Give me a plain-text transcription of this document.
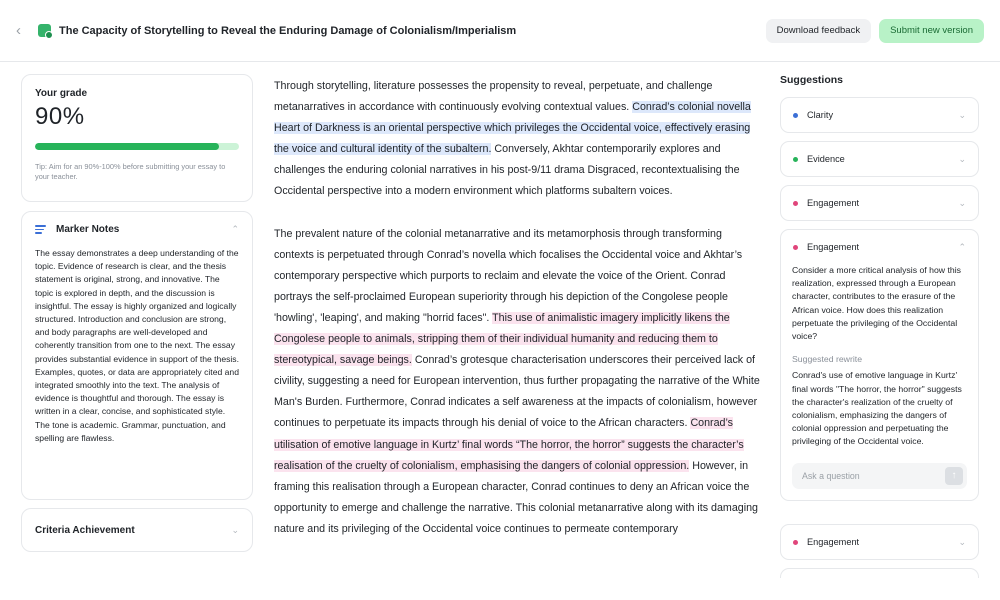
‹	The Capacity of Storytelling to Reveal the Enduring Damage of Colonialism/Imperialism	Download feedback	Submit new version
Your grade
90%
Tip: Aim for an 90%-100% before submitting your essay to your teacher.
Marker Notes	⌃
The essay demonstrates a deep understanding of the topic. Evidence of research is clear, and the thesis statement is original, strong, and innovative. The topic is explored in depth, and the discussion is insightful. The essay is highly organized and logically structured. Introduction and conclusion are strong, and body paragraphs are well-developed and coherently transition from one to the next. The essay provides substantial evidence in support of the thesis. Examples, quotes, or data are appropriately cited and integrated smoothly into the text. The analysis of evidence is thoughtful and thorough. The essay is written in a clear, concise, and sophisticated style. The tone is academic. Grammar, punctuation, and spelling are flawless.
Criteria Achievement	⌄

Through storytelling, literature possesses the propensity to reveal, perpetuate, and challenge metanarratives in accordance with continuously evolving contextual values. Conrad’s colonial novella Heart of Darkness is an oriental perspective which privileges the Occidental voice, effectively erasing the voice and cultural identity of the subaltern. Conversely, Akhtar contemporarily explores and challenges the enduring colonial narratives in his post-9/11 drama Disgraced, recontextualising the Occidental perspective into a modern environment which platforms subaltern voices.

The prevalent nature of the colonial metanarrative and its metamorphosis through transforming contexts is perpetuated through Conrad’s novella which focalises the Occidental voice and Akhtar’s contemporary perspective which purports to reclaim and elevate the voice of the Orient. Conrad portrays the self-proclaimed European superiority through his depiction of the Congolese people 'howling', 'leaping', and making "horrid faces". This use of animalistic imagery implicitly likens the Congolese people to animals, stripping them of their individual humanity and reducing them to stereotypical, savage beings. Conrad’s grotesque characterisation underscores their perceived lack of civility, suggesting a need for European intervention, thus further propagating the narrative of the White Man's Burden. Furthermore, Conrad indicates a self awareness at the impacts of colonialism, however continues to perpetuate its impacts through his denial of voice to the African characters. Conrad’s utilisation of emotive language in Kurtz’ final words “The horror, the horror” suggests the character’s realisation of the cruelty of colonialism, emphasising the dangers of colonial oppression. However, in framing this realisation through a European character, Conrad continues to deny an African voice the opportunity to emerge and challenge the narrative. This colonial metanarrative along with its damaging nature and its privileging of the Occidental voice continues to permeate contemporary

Suggestions
Clarity	⌄
Evidence	⌄
Engagement	⌄
Engagement	⌃
Consider a more critical analysis of how this realization, expressed through a European character, contributes to the erasure of the African voice. How does this realization perpetuate the privileging of the Occidental voice?
Suggested rewrite
Conrad's use of emotive language in Kurtz' final words "The horror, the horror" suggests the character's realization of the cruelty of colonialism, emphasizing the dangers of colonial oppression and perpetuating the privileging of the Occidental voice.
Ask a question
↑
Engagement	⌄
